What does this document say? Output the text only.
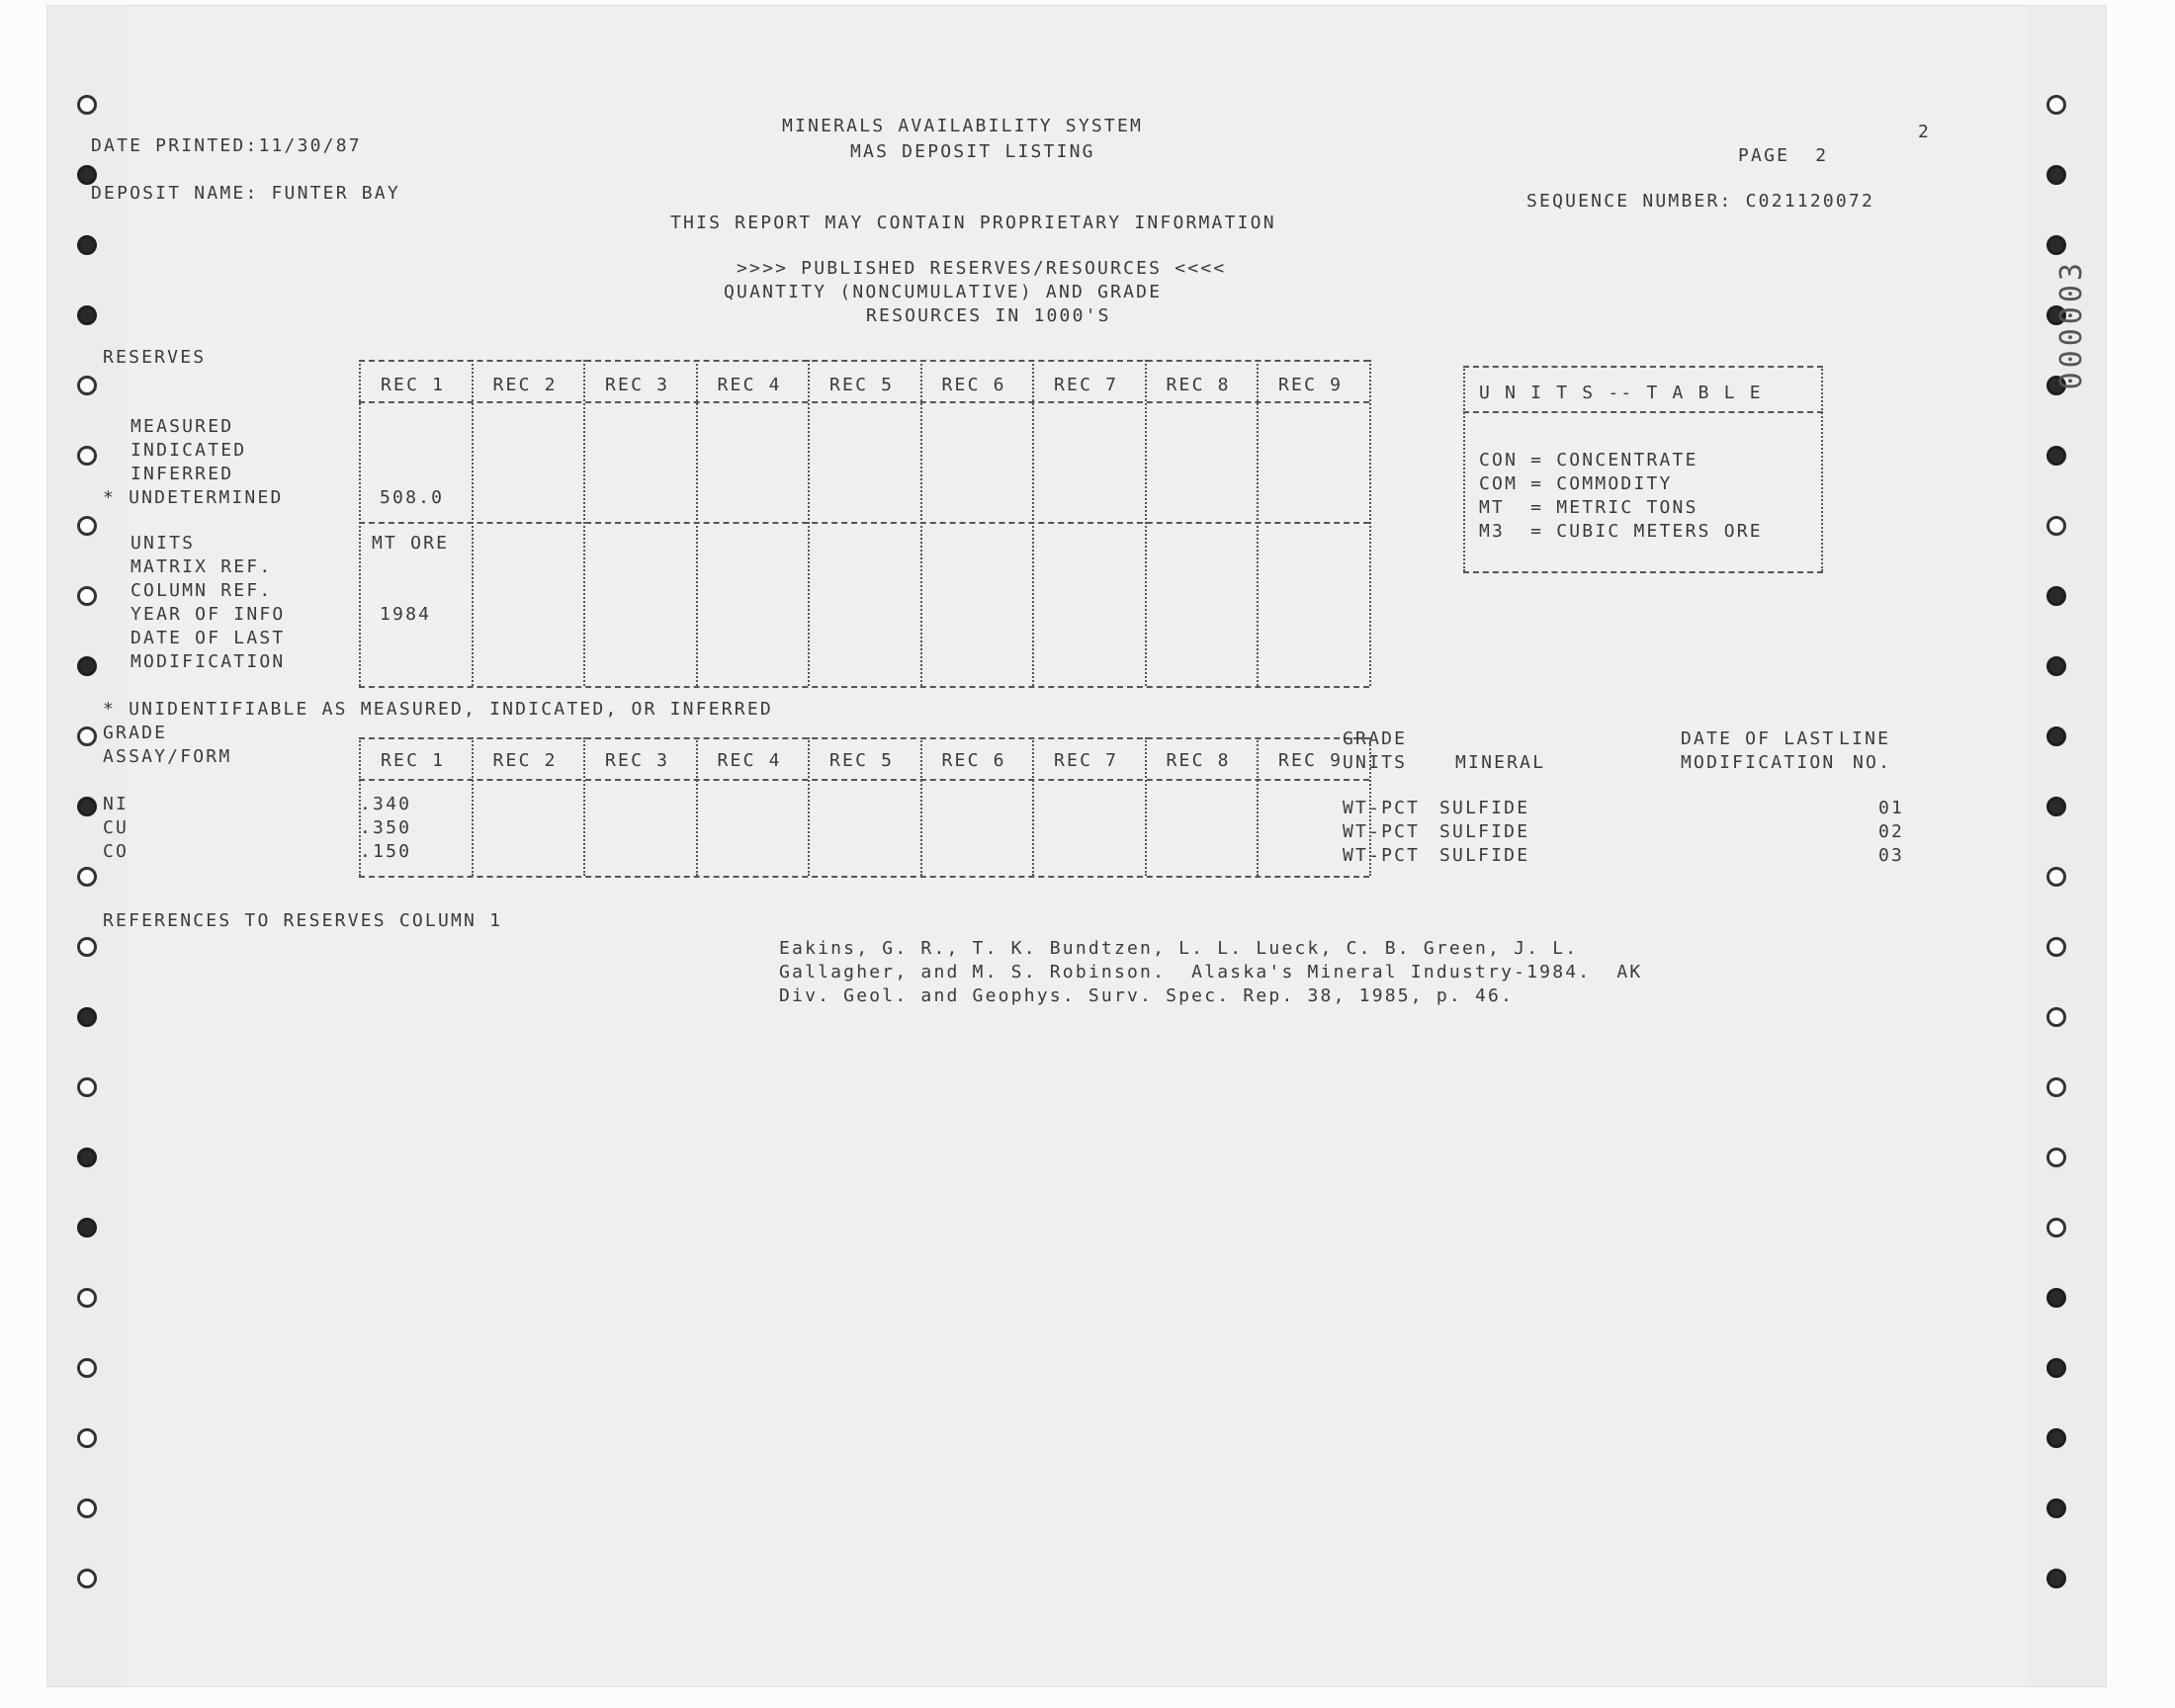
MINERALS AVAILABILITY SYSTEM
MAS DEPOSIT LISTING
DATE PRINTED:11/30/87	PAGE  2
2
DEPOSIT NAME: FUNTER BAY	SEQUENCE NUMBER: C021120072
THIS REPORT MAY CONTAIN PROPRIETARY INFORMATION
>>>> PUBLISHED RESERVES/RESOURCES <<<<
QUANTITY (NONCUMULATIVE) AND GRADE
RESOURCES IN 1000'S
RESERVES
REC 1	REC 2	REC 3	REC 4	REC 5	REC 6	REC 7	REC 8	REC 9
MEASURED
INDICATED
INFERRED
* UNDETERMINED	508.0
UNITS	MT ORE
MATRIX REF.
COLUMN REF.
YEAR OF INFO	1984
DATE OF LAST
MODIFICATION
* UNIDENTIFIABLE AS MEASURED, INDICATED, OR INFERRED
U N I T S -- T A B L E
CON = CONCENTRATE
COM = COMMODITY
MT  = METRIC TONS
M3  = CUBIC METERS ORE
GRADE
ASSAY/FORM	REC 1	REC 2	REC 3	REC 4	REC 5	REC 6	REC 7	REC 8	REC 9
GRADE
UNITS	MINERAL
DATE OF LAST
MODIFICATION
LINE
NO.
NI	.340	WT-PCT SULFIDE	01
CU	.350	WT-PCT SULFIDE	02
CO	.150	WT-PCT SULFIDE	03
REFERENCES TO RESERVES COLUMN 1
Eakins, G. R., T. K. Bundtzen, L. L. Lueck, C. B. Green, J. L.
Gallagher, and M. S. Robinson.  Alaska's Mineral Industry-1984.  AK
Div. Geol. and Geophys. Surv. Spec. Rep. 38, 1985, p. 46.
000003
